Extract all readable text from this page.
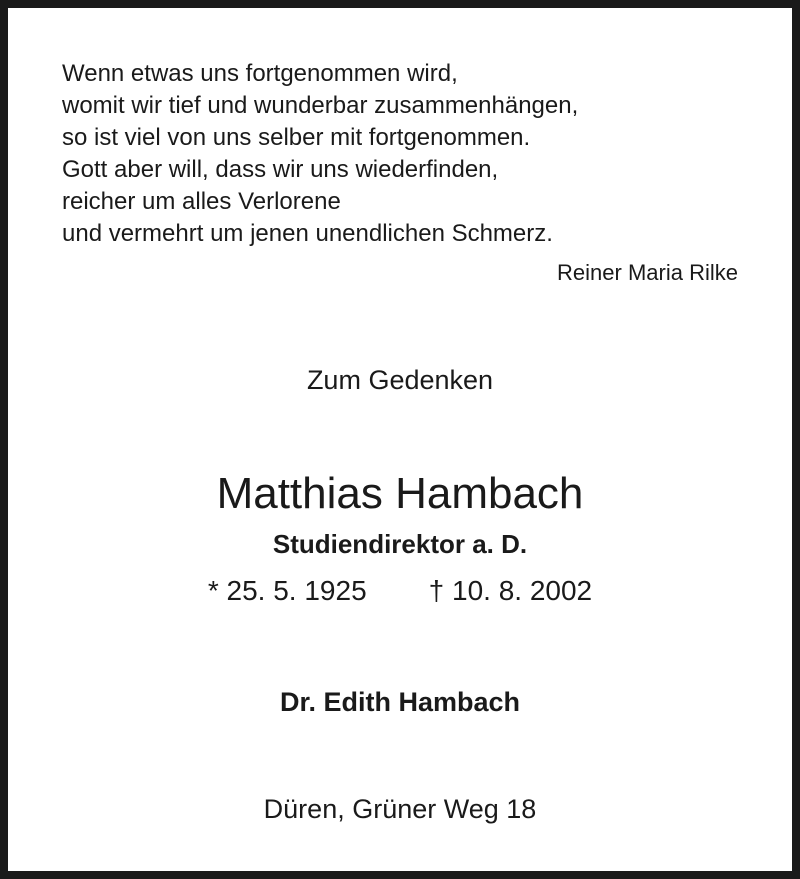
Wenn etwas uns fortgenommen wird,
womit wir tief und wunderbar zusammenhängen,
so ist viel von uns selber mit fortgenommen.
Gott aber will, dass wir uns wiederfinden,
reicher um alles Verlorene
und vermehrt um jenen unendlichen Schmerz.
Reiner Maria Rilke
Zum Gedenken
Matthias Hambach
Studiendirektor a. D.
* 25. 5. 1925 † 10. 8. 2002
Dr. Edith Hambach
Düren, Grüner Weg 18
